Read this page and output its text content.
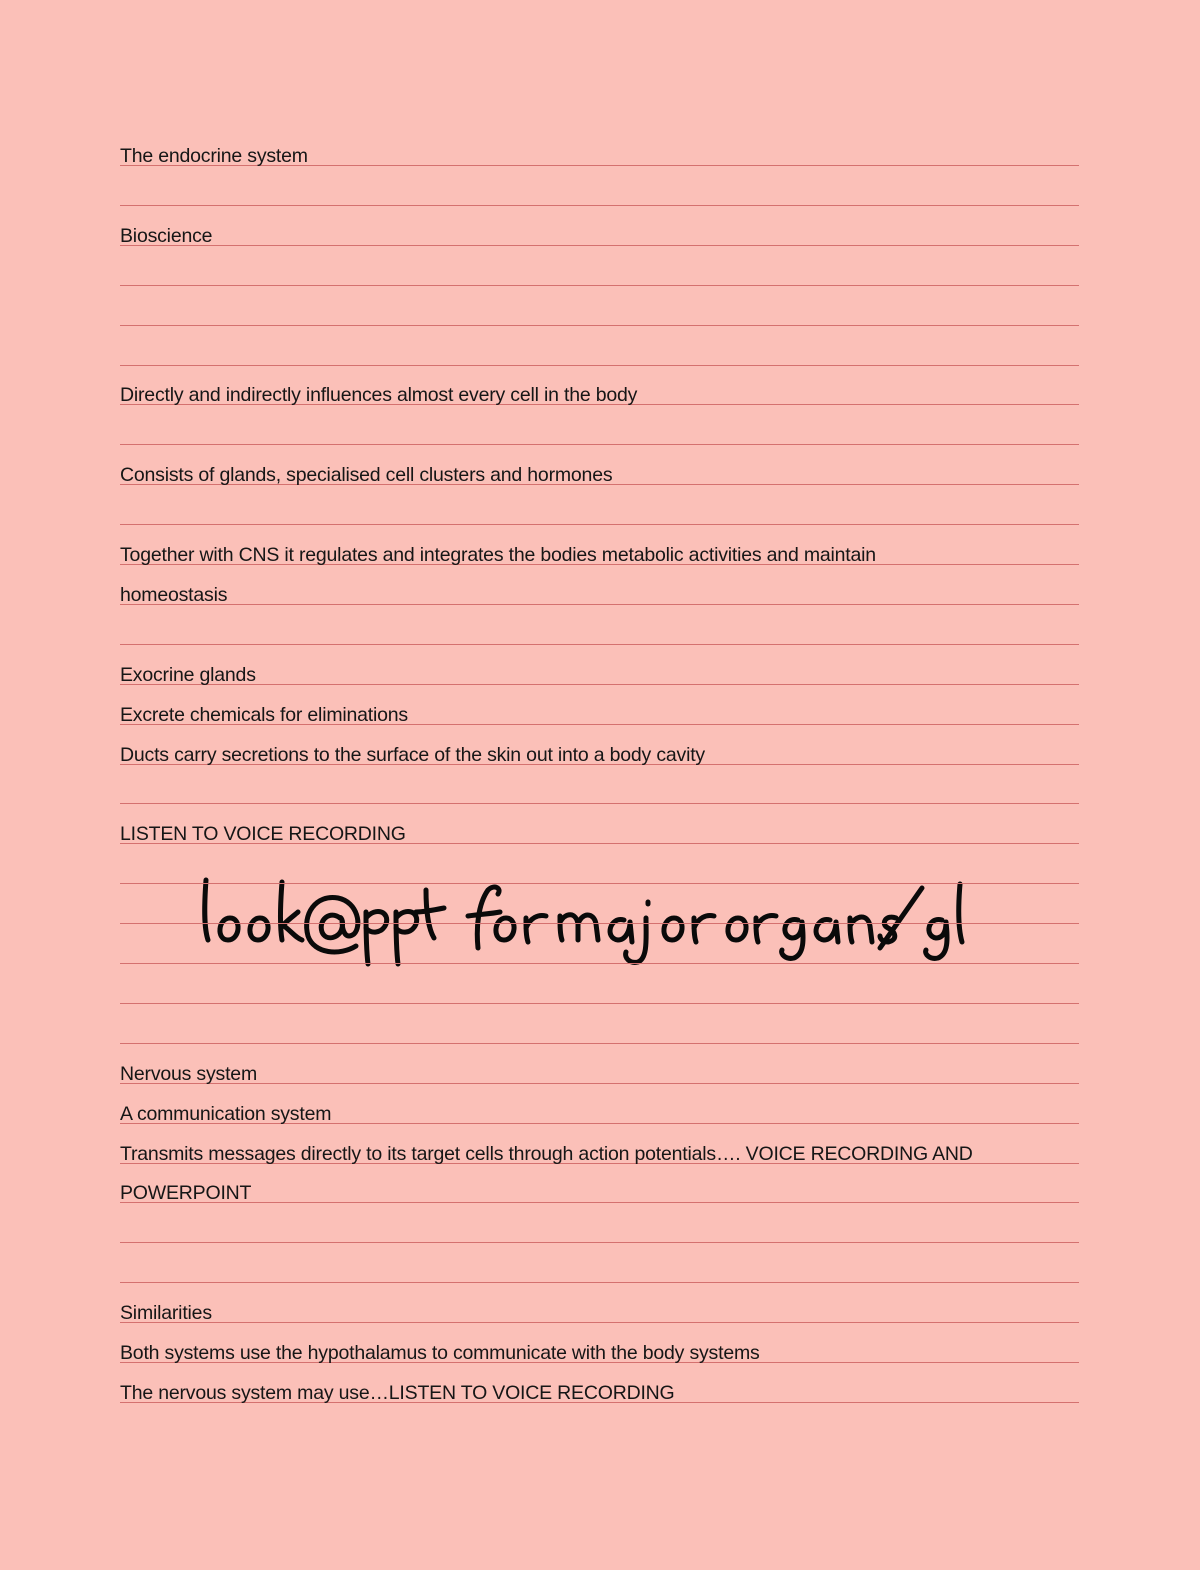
The endocrine system
Bioscience
Directly and indirectly influences almost every cell in the body
Consists of glands, specialised cell clusters and hormones
Together with CNS it regulates and integrates the bodies metabolic activities and maintain
homeostasis
Exocrine glands
Excrete chemicals for eliminations
Ducts carry secretions to the surface of the skin out into a body cavity
LISTEN TO VOICE RECORDING
Nervous system
A communication system
Transmits messages directly to its target cells through action potentials…. VOICE RECORDING AND
POWERPOINT
Similarities
Both systems use the hypothalamus to communicate with the body systems
The nervous system may use…LISTEN TO VOICE RECORDING
